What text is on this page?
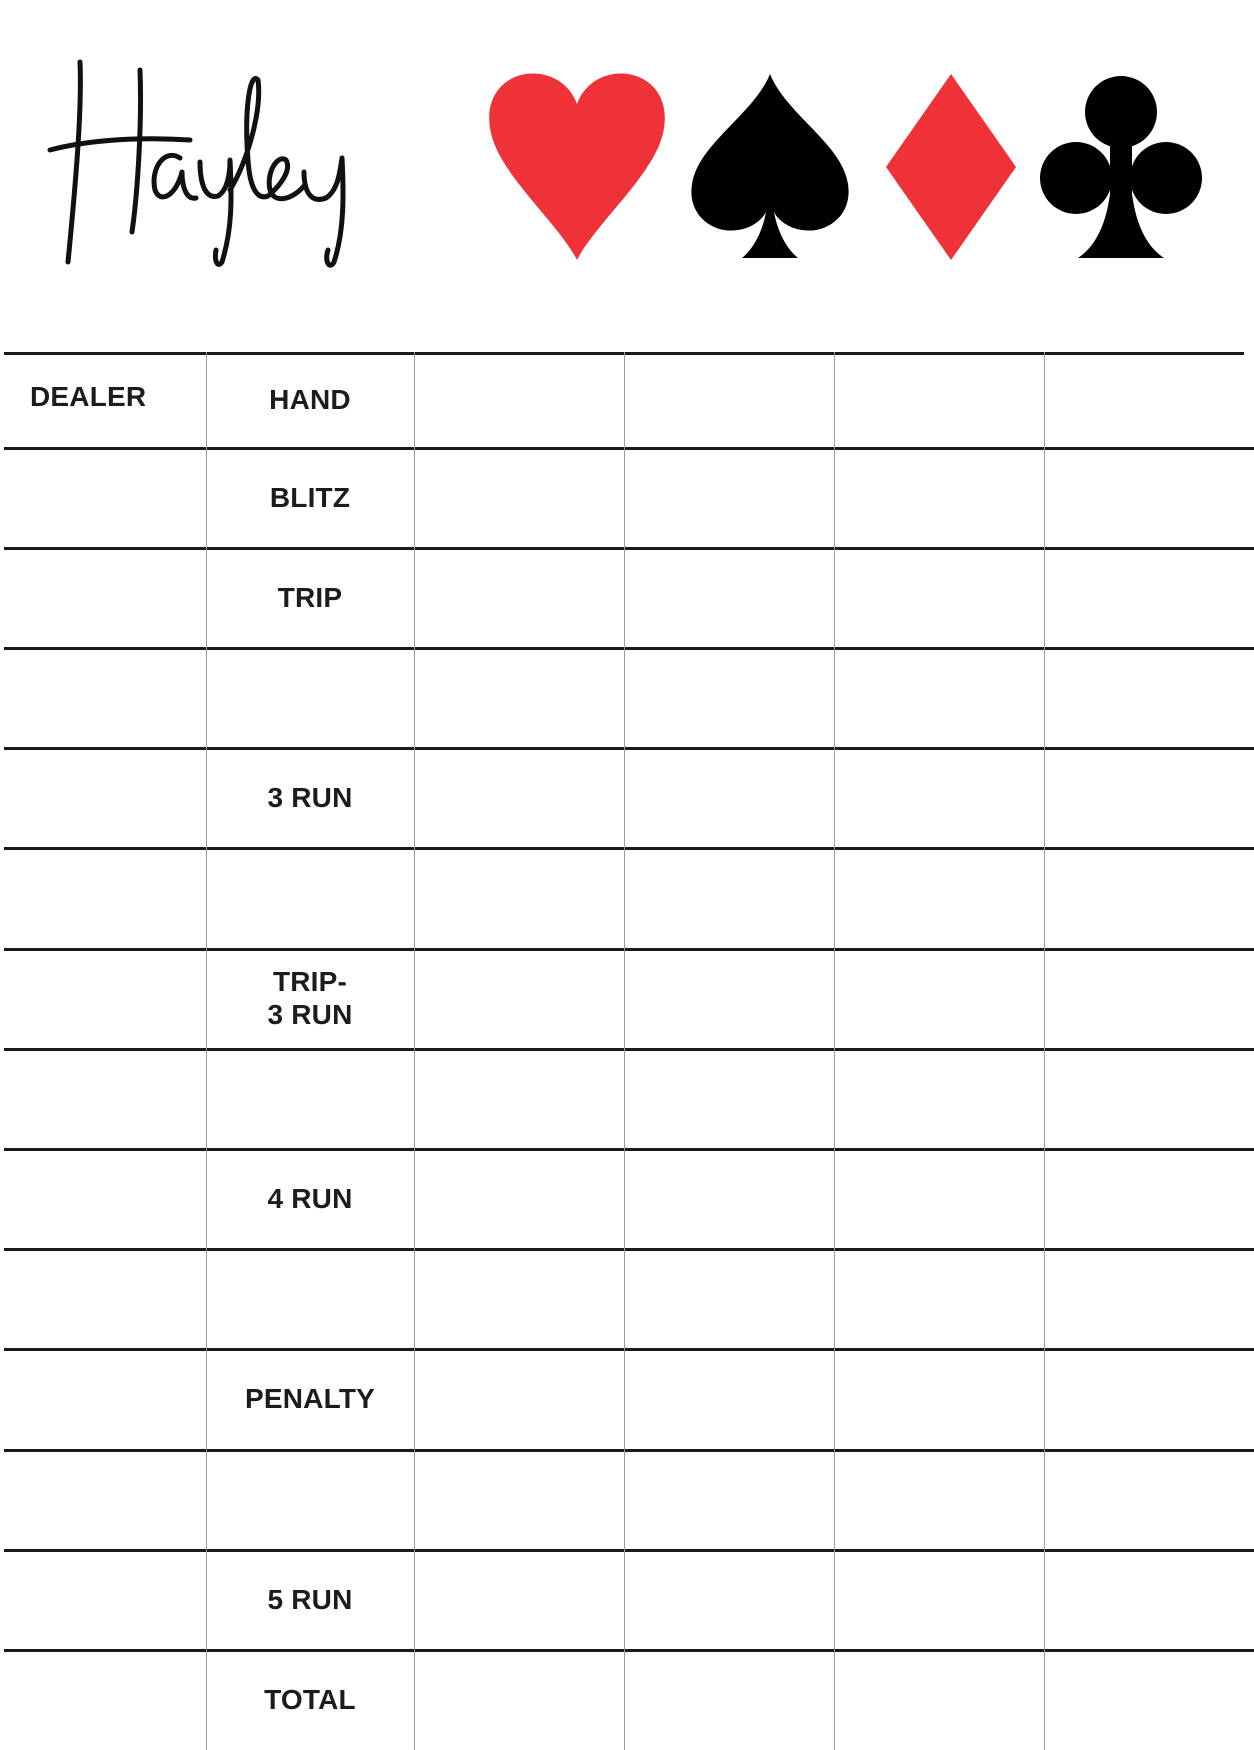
DEALER	HAND
BLITZ
TRIP
3 RUN
TRIP-
3 RUN
4 RUN
PENALTY
5 RUN
TOTAL
